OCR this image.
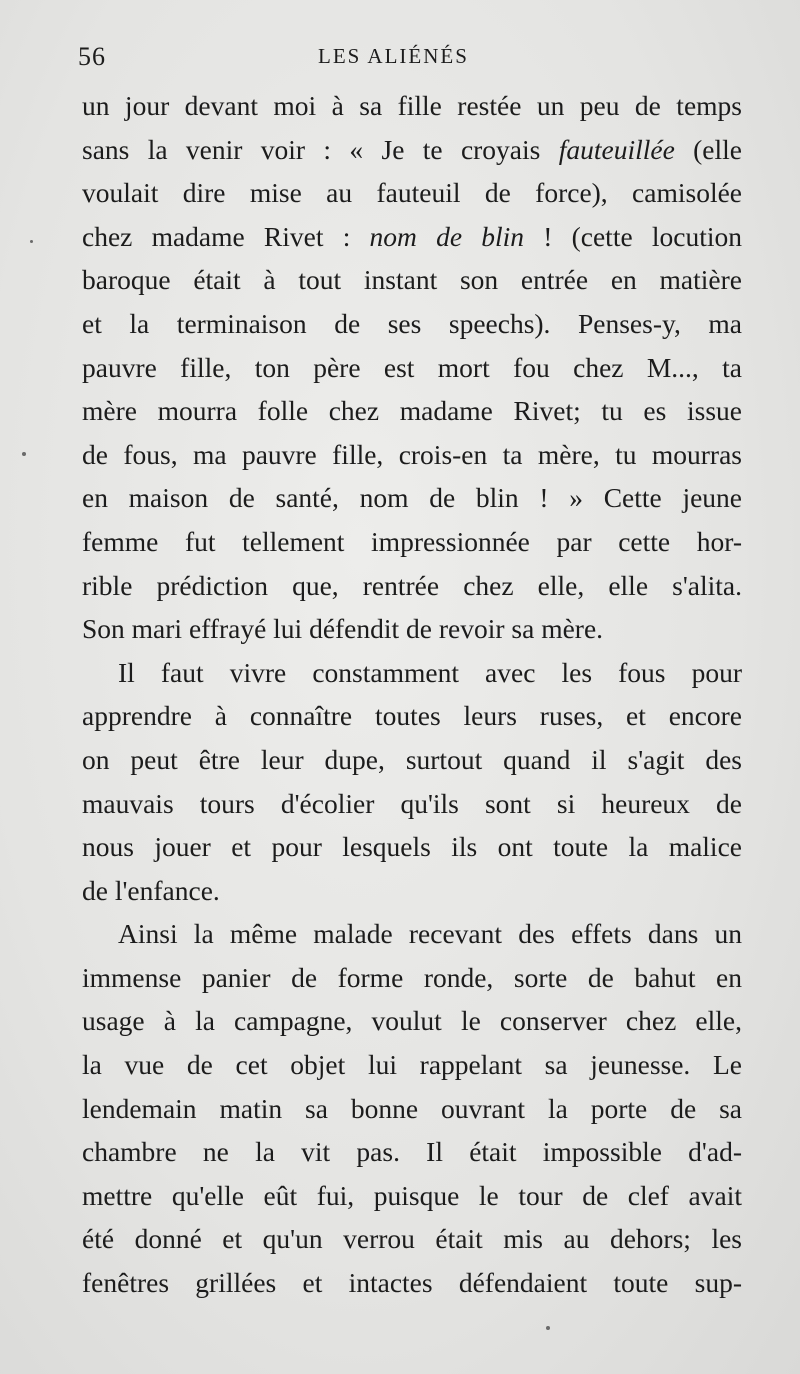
56	LES ALIÉNÉS
un jour devant moi à sa fille restée un peu de temps
sans la venir voir : « Je te croyais fauteuillée (elle
voulait dire mise au fauteuil de force), camisolée
chez madame Rivet : nom de blin ! (cette locution
baroque était à tout instant son entrée en matière
et la terminaison de ses speechs). Penses-y, ma
pauvre fille, ton père est mort fou chez M..., ta
mère mourra folle chez madame Rivet; tu es issue
de fous, ma pauvre fille, crois-en ta mère, tu mourras
en maison de santé, nom de blin ! » Cette jeune
femme fut tellement impressionnée par cette hor-
rible prédiction que, rentrée chez elle, elle s'alita.
Son mari effrayé lui défendit de revoir sa mère.
Il faut vivre constamment avec les fous pour
apprendre à connaître toutes leurs ruses, et encore
on peut être leur dupe, surtout quand il s'agit des
mauvais tours d'écolier qu'ils sont si heureux de
nous jouer et pour lesquels ils ont toute la malice
de l'enfance.
Ainsi la même malade recevant des effets dans un
immense panier de forme ronde, sorte de bahut en
usage à la campagne, voulut le conserver chez elle,
la vue de cet objet lui rappelant sa jeunesse. Le
lendemain matin sa bonne ouvrant la porte de sa
chambre ne la vit pas. Il était impossible d'ad-
mettre qu'elle eût fui, puisque le tour de clef avait
été donné et qu'un verrou était mis au dehors; les
fenêtres grillées et intactes défendaient toute sup-
